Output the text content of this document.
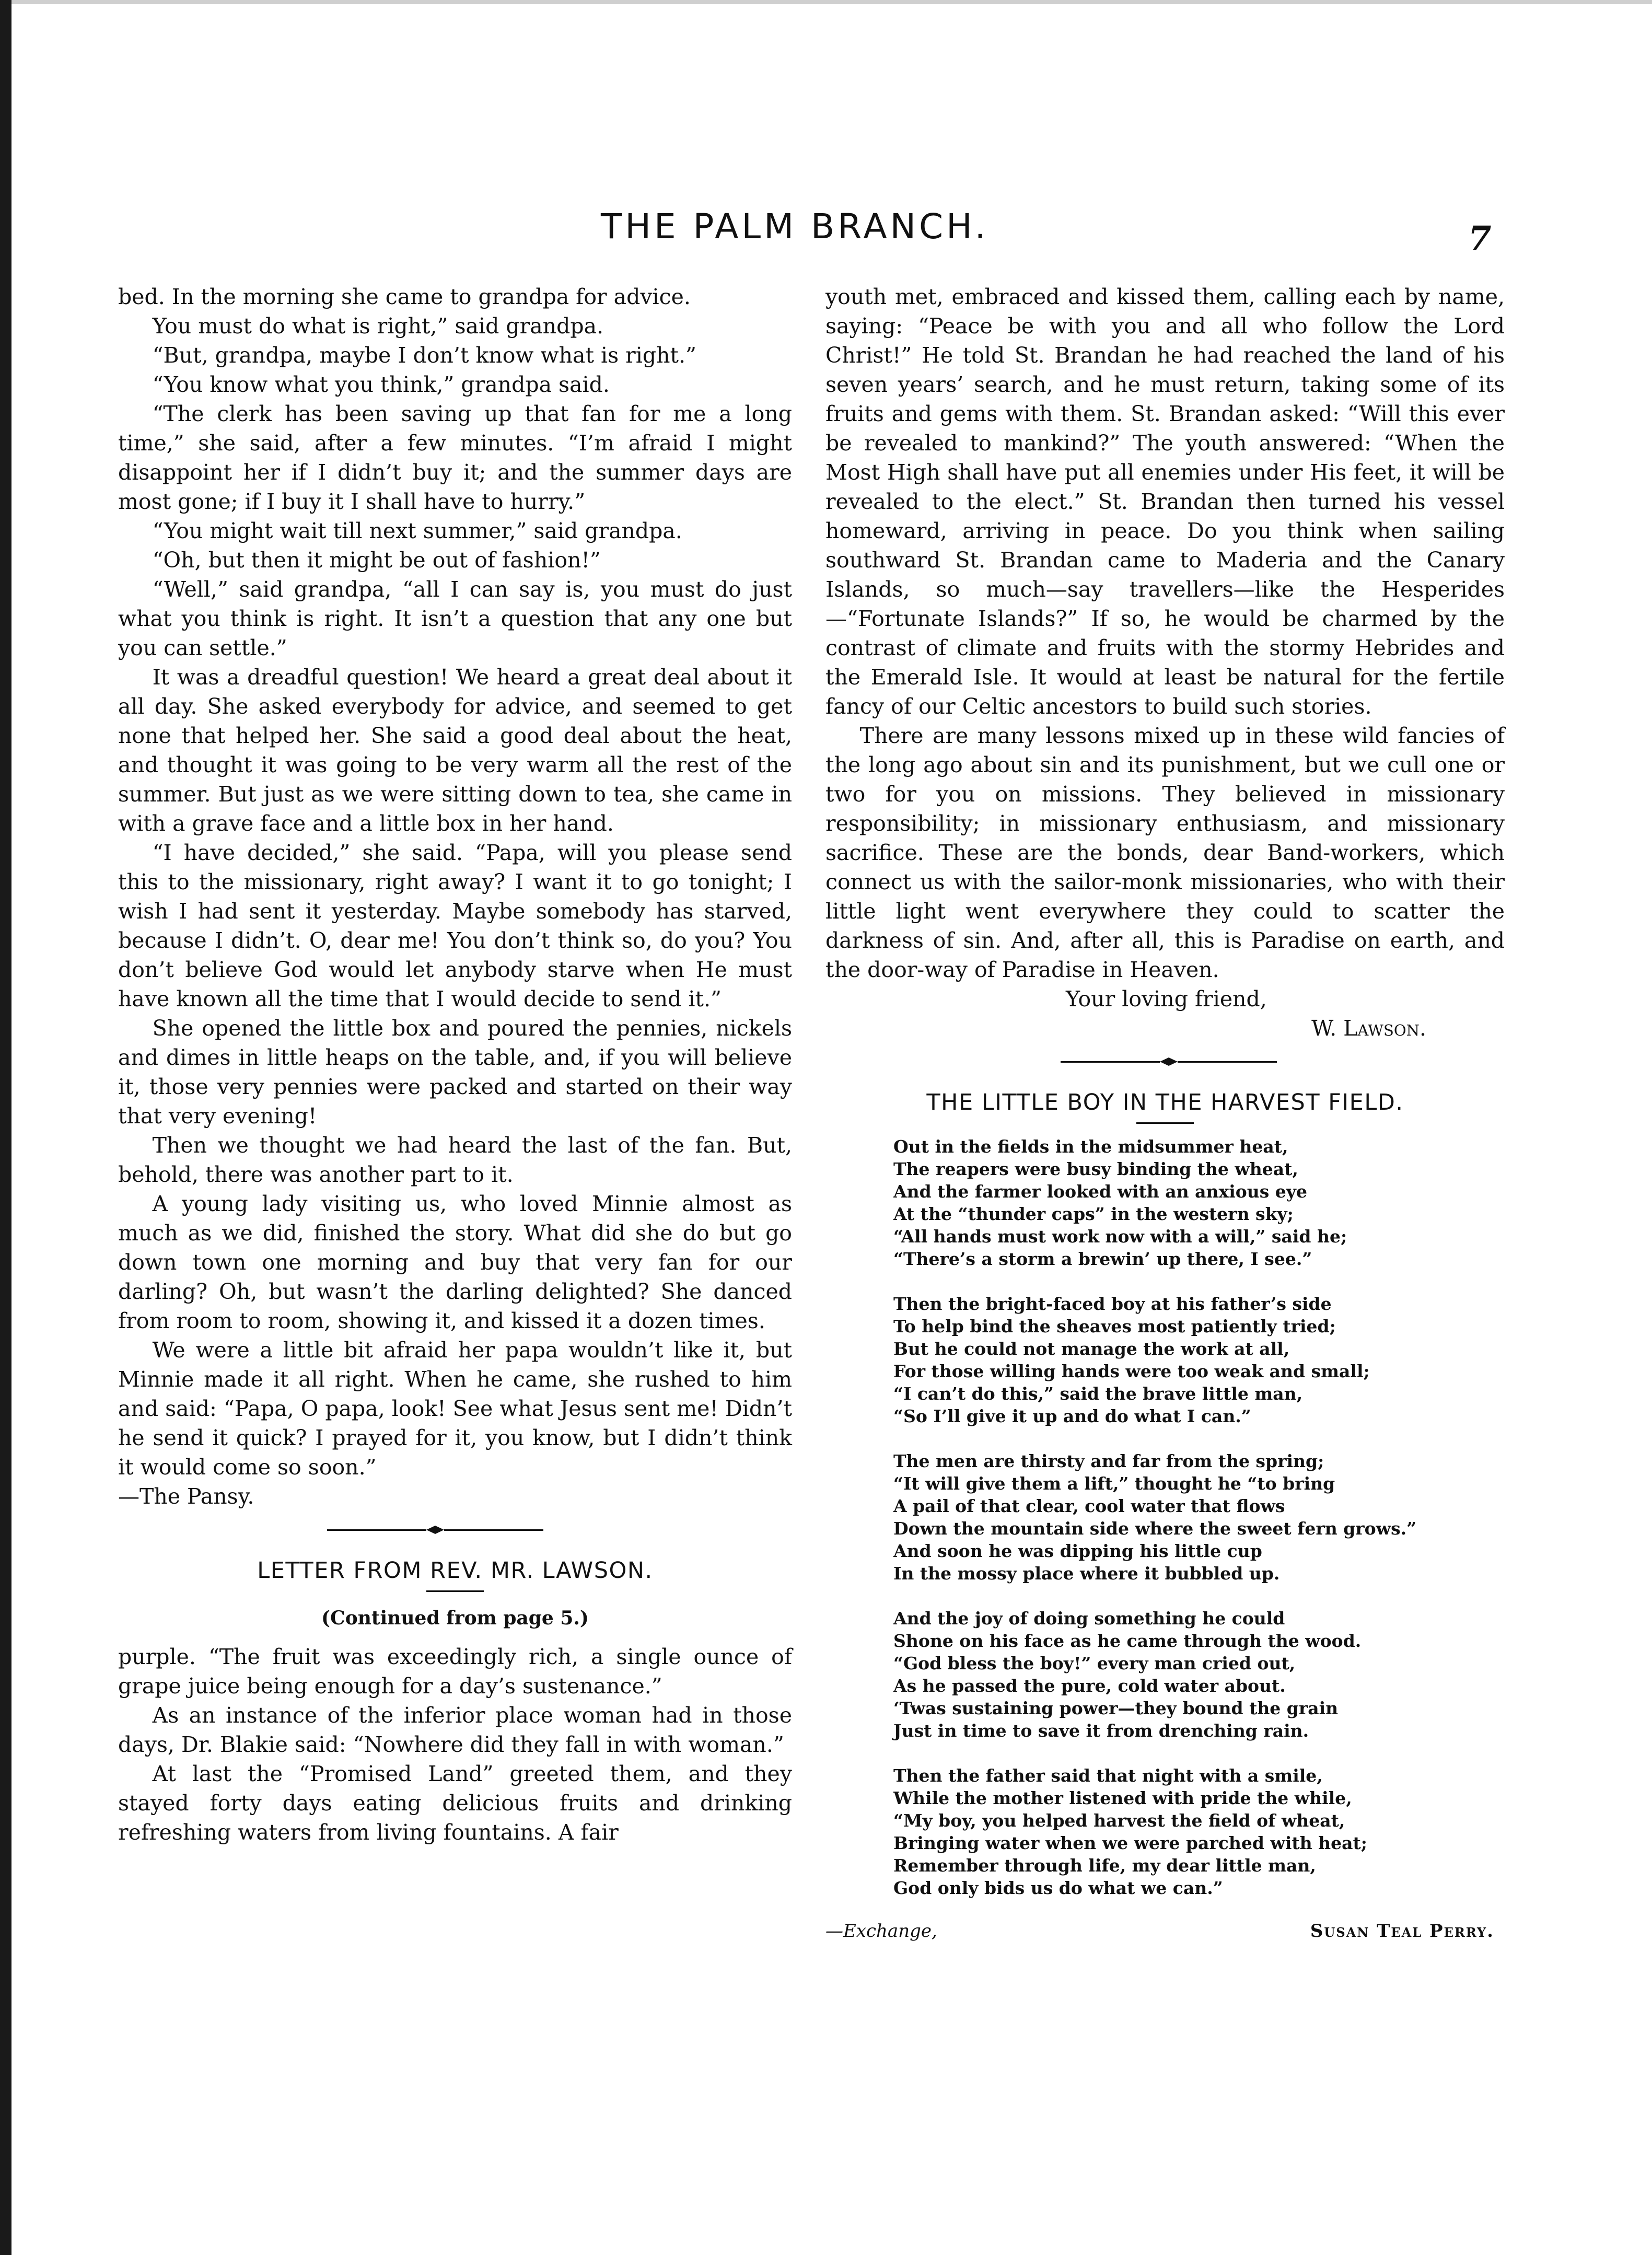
THE PALM BRANCH.	7

bed. In the morning she came to grandpa for advice.

You must do what is right,” said grandpa.

“But, grandpa, maybe I don’t know what is right.”

“You know what you think,” grandpa said.

“The clerk has been saving up that fan for me a long time,” she said, after a few minutes. “I’m afraid I might disappoint her if I didn’t buy it; and the summer days are most gone; if I buy it I shall have to hurry.”

“You might wait till next summer,” said grandpa.

“Oh, but then it might be out of fashion!”

“Well,” said grandpa, “all I can say is, you must do just what you think is right. It isn’t a question that any one but you can settle.”

It was a dreadful question! We heard a great deal about it all day. She asked everybody for advice, and seemed to get none that helped her. She said a good deal about the heat, and thought it was going to be very warm all the rest of the summer. But just as we were sitting down to tea, she came in with a grave face and a little box in her hand.

“I have decided,” she said. “Papa, will you please send this to the missionary, right away? I want it to go tonight; I wish I had sent it yesterday. Maybe somebody has starved, because I didn’t. O, dear me! You don’t think so, do you? You don’t believe God would let anybody starve when He must have known all the time that I would decide to send it.”

She opened the little box and poured the pennies, nickels and dimes in little heaps on the table, and, if you will believe it, those very pennies were packed and started on their way that very evening!

Then we thought we had heard the last of the fan. But, behold, there was another part to it.

A young lady visiting us, who loved Minnie almost as much as we did, finished the story. What did she do but go down town one morning and buy that very fan for our darling? Oh, but wasn’t the darling delighted? She danced from room to room, showing it, and kissed it a dozen times.

We were a little bit afraid her papa wouldn’t like it, but Minnie made it all right. When he came, she rushed to him and said: “Papa, O papa, look! See what Jesus sent me! Didn’t he send it quick? I prayed for it, you know, but I didn’t think it would come so soon.”

—The Pansy.

LETTER FROM REV. MR. LAWSON.
(Continued from page 5.)

purple. “The fruit was exceedingly rich, a single ounce of grape juice being enough for a day’s sustenance.”

As an instance of the inferior place woman had in those days, Dr. Blakie said: “Nowhere did they fall in with woman.”

At last the “Promised Land” greeted them, and they stayed forty days eating delicious fruits and drinking refreshing waters from living fountains. A fair

youth met, embraced and kissed them, calling each by name, saying: “Peace be with you and all who follow the Lord Christ!” He told St. Brandan he had reached the land of his seven years’ search, and he must return, taking some of its fruits and gems with them. St. Brandan asked: “Will this ever be revealed to mankind?” The youth answered: “When the Most High shall have put all enemies under His feet, it will be revealed to the elect.” St. Brandan then turned his vessel homeward, arriving in peace. Do you think when sailing southward St. Brandan came to Maderia and the Canary Islands, so much—say travellers—like the Hesperides—“Fortunate Islands?” If so, he would be charmed by the contrast of climate and fruits with the stormy Hebrides and the Emerald Isle. It would at least be natural for the fertile fancy of our Celtic ancestors to build such stories.

There are many lessons mixed up in these wild fancies of the long ago about sin and its punishment, but we cull one or two for you on missions. They believed in missionary responsibility; in missionary enthusiasm, and missionary sacrifice. These are the bonds, dear Band-workers, which connect us with the sailor-monk missionaries, who with their little light went everywhere they could to scatter the darkness of sin. And, after all, this is Paradise on earth, and the door-way of Paradise in Heaven.

Your loving friend,

W. Lawson.

THE LITTLE BOY IN THE HARVEST FIELD.
Out in the fields in the midsummer heat,
The reapers were busy binding the wheat,
And the farmer looked with an anxious eye
At the “thunder caps” in the western sky;
“All hands must work now with a will,” said he;
“There’s a storm a brewin’ up there, I see.”
Then the bright-faced boy at his father’s side
To help bind the sheaves most patiently tried;
But he could not manage the work at all,
For those willing hands were too weak and small;
“I can’t do this,” said the brave little man,
“So I’ll give it up and do what I can.”
The men are thirsty and far from the spring;
“It will give them a lift,” thought he “to bring
A pail of that clear, cool water that flows
Down the mountain side where the sweet fern grows.”
And soon he was dipping his little cup
In the mossy place where it bubbled up.
And the joy of doing something he could
Shone on his face as he came through the wood.
“God bless the boy!” every man cried out,
As he passed the pure, cold water about.
‘Twas sustaining power—they bound the grain
Just in time to save it from drenching rain.
Then the father said that night with a smile,
While the mother listened with pride the while,
“My boy, you helped harvest the field of wheat,
Bringing water when we were parched with heat;
Remember through life, my dear little man,
God only bids us do what we can.”
—Exchange,	Susan Teal Perry.
